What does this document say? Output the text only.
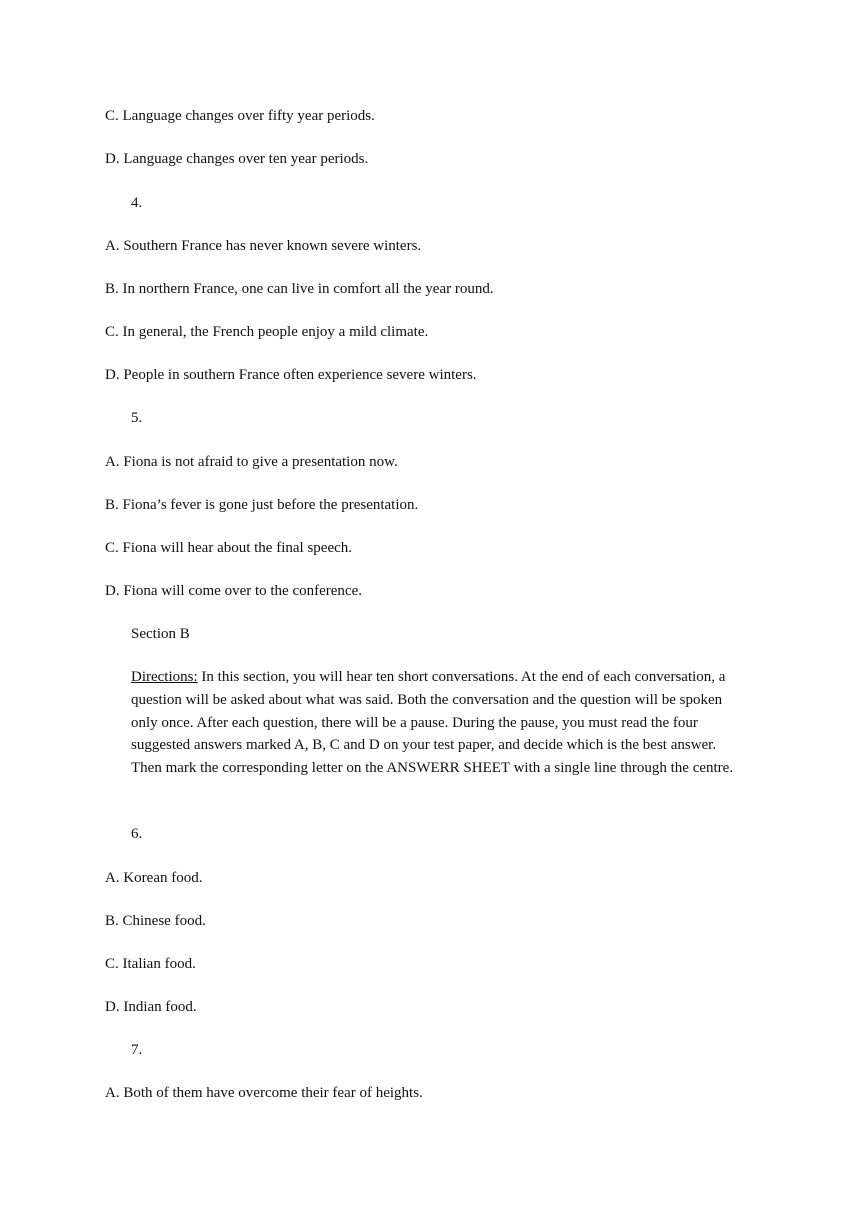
C. Language changes over fifty year periods.
D. Language changes over ten year periods.
4.
A. Southern France has never known severe winters.
B. In northern France, one can live in comfort all the year round.
C. In general, the French people enjoy a mild climate.
D. People in southern France often experience severe winters.
5.
A. Fiona is not afraid to give a presentation now.
B. Fiona’s fever is gone just before the presentation.
C. Fiona will hear about the final speech.
D. Fiona will come over to the conference.
Section B
Directions: In this section, you will hear ten short conversations. At the end of each conversation, a question will be asked about what was said. Both the conversation and the question will be spoken only once. After each question, there will be a pause. During the pause, you must read the four suggested answers marked A, B, C and D on your test paper, and decide which is the best answer. Then mark the corresponding letter on the ANSWERR SHEET with a single line through the centre.
6.
A. Korean food.
B. Chinese food.
C. Italian food.
D. Indian food.
7.
A. Both of them have overcome their fear of heights.
